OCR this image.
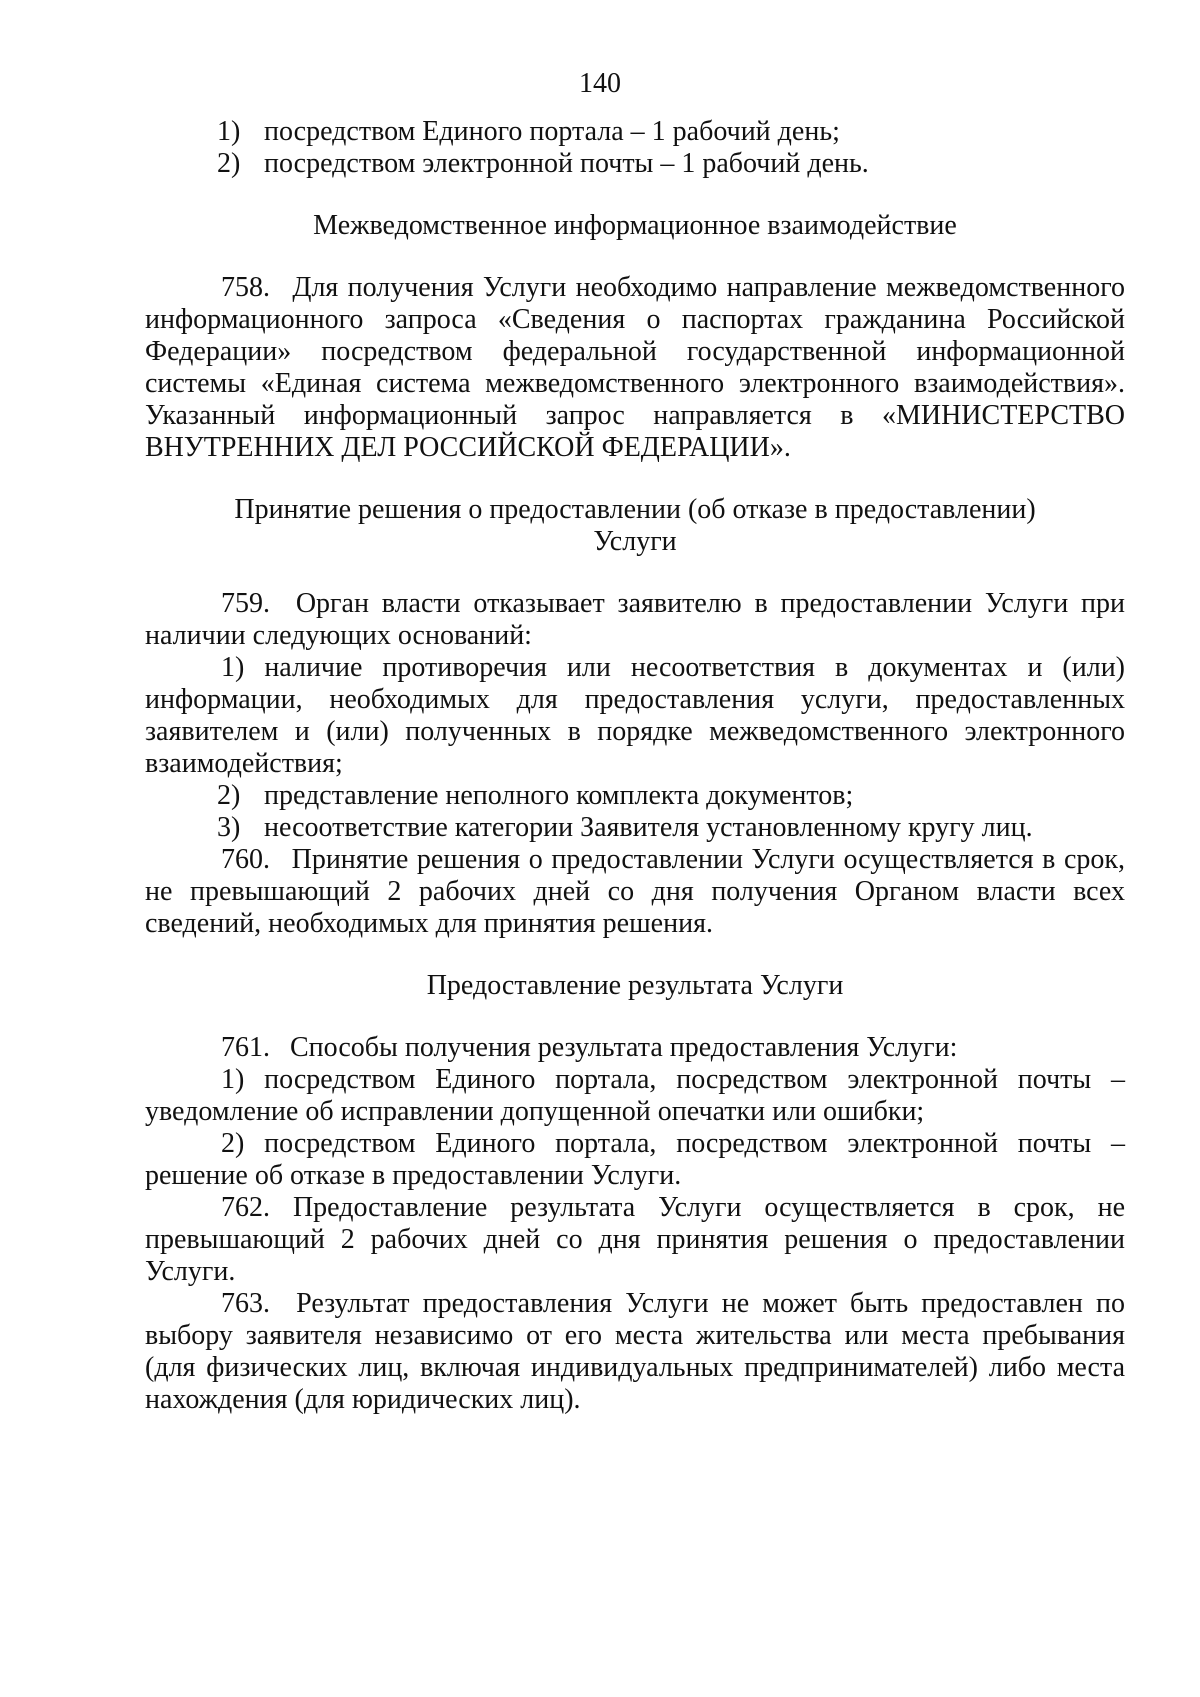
140

1) посредством Единого портала – 1 рабочий день;

2) посредством электронной почты – 1 рабочий день.

Межведомственное информационное взаимодействие

758. Для получения Услуги необходимо направление межведомственного информационного запроса «Сведения о паспортах гражданина Российской Федерации» посредством федеральной государственной информационной системы «Единая система межведомственного электронного взаимодействия». Указанный информационный запрос направляется в «МИНИСТЕРСТВО ВНУТРЕННИХ ДЕЛ РОССИЙСКОЙ ФЕДЕРАЦИИ».

Принятие решения о предоставлении (об отказе в предоставлении)

Услуги

759. Орган власти отказывает заявителю в предоставлении Услуги при наличии следующих оснований:

1) наличие противоречия или несоответствия в документах и (или) информации, необходимых для предоставления услуги, предоставленных заявителем и (или) полученных в порядке межведомственного электронного взаимодействия;

2) представление неполного комплекта документов;

3) несоответствие категории Заявителя установленному кругу лиц.

760. Принятие решения о предоставлении Услуги осуществляется в срок, не превышающий 2 рабочих дней со дня получения Органом власти всех сведений, необходимых для принятия решения.

Предоставление результата Услуги

761. Способы получения результата предоставления Услуги:

1) посредством Единого портала, посредством электронной почты – уведомление об исправлении допущенной опечатки или ошибки;

2) посредством Единого портала, посредством электронной почты – решение об отказе в предоставлении Услуги.

762. Предоставление результата Услуги осуществляется в срок, не превышающий 2 рабочих дней со дня принятия решения о предоставлении Услуги.

763. Результат предоставления Услуги не может быть предоставлен по выбору заявителя независимо от его места жительства или места пребывания (для физических лиц, включая индивидуальных предпринимателей) либо места нахождения (для юридических лиц).
